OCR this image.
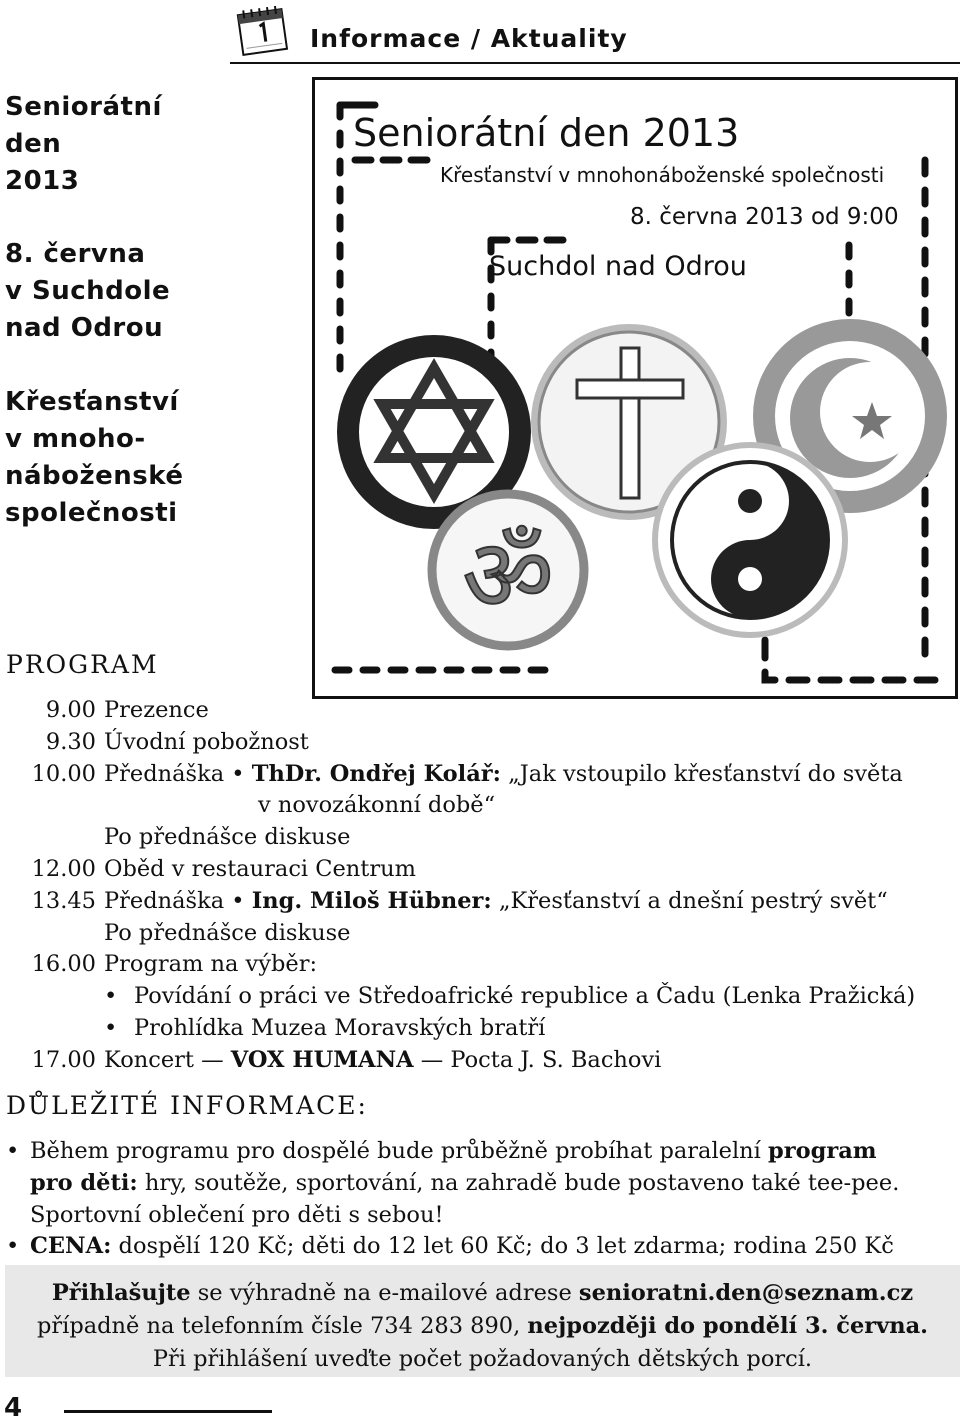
Informace / Aktuality
Seniorátní
den
2013
8. června
v Suchdole
nad Odrou
Křesťanství
v mnoho-
náboženské
společnosti
Seniorátní den 2013
Křesťanství v mnohonáboženské společnosti
8. června 2013 od 9:00
Suchdol nad Odrou
ॐ
PROGRAM
9.00 Prezence
9.30 Úvodní pobožnost
10.00 Přednáška • ThDr. Ondřej Kolář: „Jak vstoupilo křesťanství do světa
v novozákonní době“
Po přednášce diskuse
12.00 Oběd v restauraci Centrum
13.45 Přednáška • Ing. Miloš Hübner: „Křesťanství a dnešní pestrý svět“
Po přednášce diskuse
16.00 Program na výběr:
• Povídání o práci ve Středoafrické republice a Čadu (Lenka Pražická)
• Prohlídka Muzea Moravských bratří
17.00 Koncert — VOX HUMANA — Pocta J. S. Bachovi
DŮLEŽITÉ INFORMACE:
• Během programu pro dospělé bude průběžně probíhat paralelní program
pro děti: hry, soutěže, sportování, na zahradě bude postaveno také tee-pee.
Sportovní oblečení pro děti s sebou!
• CENA: dospělí 120 Kč; děti do 12 let 60 Kč; do 3 let zdarma; rodina 250 Kč
Přihlašujte se výhradně na e-mailové adrese senioratni.den@seznam.cz
případně na telefonním čísle 734 283 890, nejpozději do pondělí 3. června.
Při přihlášení uveďte počet požadovaných dětských porcí.
4
